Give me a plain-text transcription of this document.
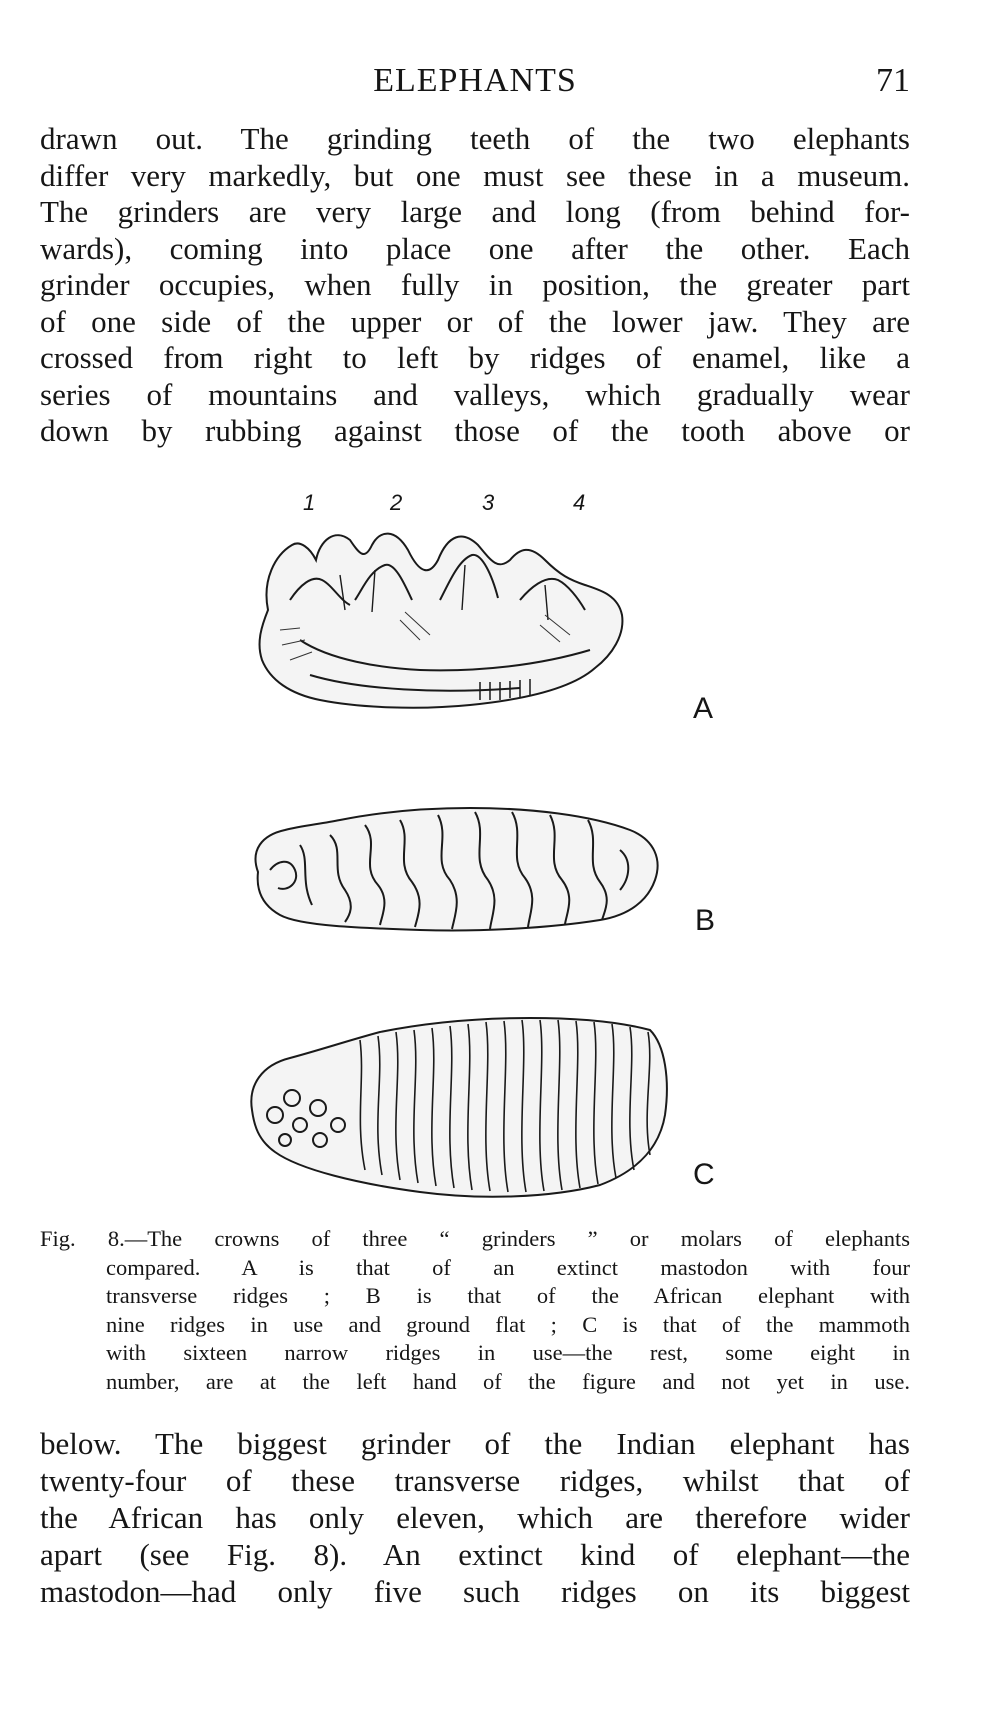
ELEPHANTS	71
drawn out. The grinding teeth of the two elephants
differ very markedly, but one must see these in a museum.
The grinders are very large and long (from behind for-
wards), coming into place one after the other. Each
grinder occupies, when fully in position, the greater part
of one side of the upper or of the lower jaw. They are
crossed from right to left by ridges of enamel, like a
series of mountains and valleys, which gradually wear
down by rubbing against those of the tooth above or
1	2	3	4
A
B
C
Fig. 8.—The crowns of three “ grinders ” or molars of elephants
compared. A is that of an extinct mastodon with four
transverse ridges ; B is that of the African elephant with
nine ridges in use and ground flat ; C is that of the mammoth
with sixteen narrow ridges in use—the rest, some eight in
number, are at the left hand of the figure and not yet in use.
below. The biggest grinder of the Indian elephant has
twenty-four of these transverse ridges, whilst that of
the African has only eleven, which are therefore wider
apart (see Fig. 8). An extinct kind of elephant—the
mastodon—had only five such ridges on its biggest
